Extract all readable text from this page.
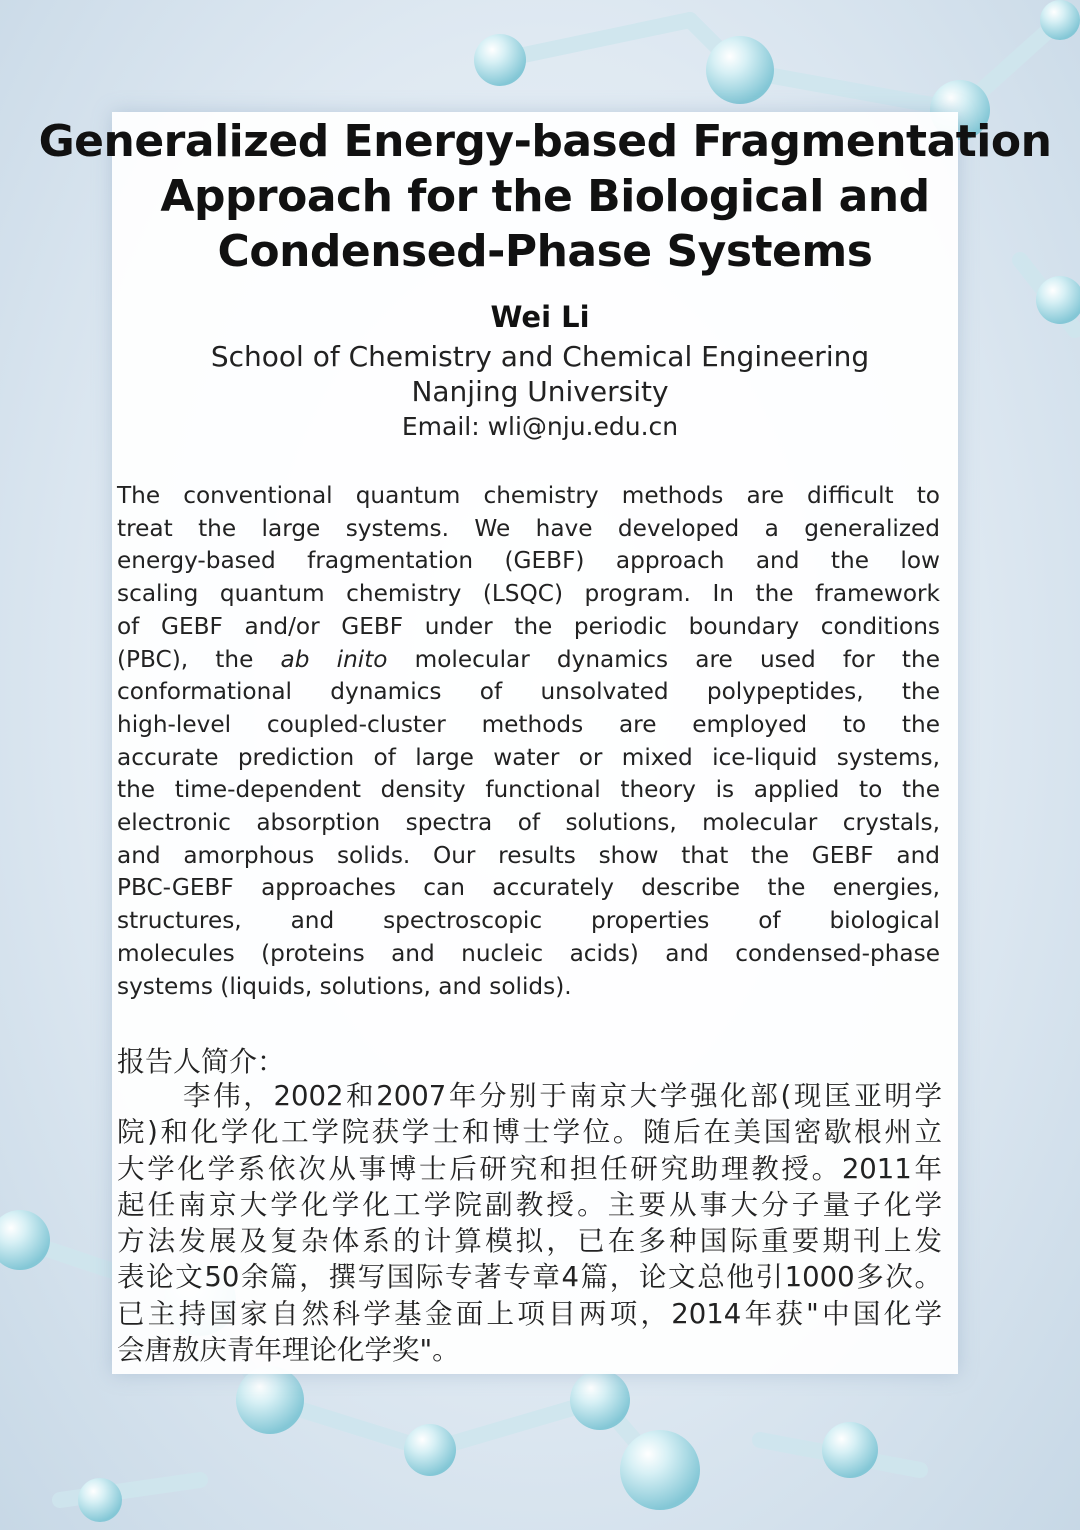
Generalized Energy-based Fragmentation
Approach for the Biological and
Condensed-Phase Systems
Wei Li
School of Chemistry and Chemical Engineering
Nanjing University
Email: wli@nju.edu.cn
The conventional quantum chemistry methods are difficult to
treat the large systems. We have developed a generalized
energy-based fragmentation (GEBF) approach and the low
scaling quantum chemistry (LSQC) program. In the framework
of GEBF and/or GEBF under the periodic boundary conditions
(PBC), the ab inito molecular dynamics are used for the
conformational dynamics of unsolvated polypeptides, the
high-level coupled-cluster methods are employed to the
accurate prediction of large water or mixed ice-liquid systems,
the time-dependent density functional theory is applied to the
electronic absorption spectra of solutions, molecular crystals,
and amorphous solids. Our results show that the GEBF and
PBC-GEBF approaches can accurately describe the energies,
structures, and spectroscopic properties of biological
molecules (proteins and nucleic acids) and condensed-phase
systems (liquids, solutions, and solids).
报告人简介：
李伟，2002和2007年分别于南京大学强化部(现匡亚明学
院)和化学化工学院获学士和博士学位。随后在美国密歇根州立
大学化学系依次从事博士后研究和担任研究助理教授。2011年
起任南京大学化学化工学院副教授。主要从事大分子量子化学
方法发展及复杂体系的计算模拟，已在多种国际重要期刊上发
表论文50余篇，撰写国际专著专章4篇，论文总他引1000多次。
已主持国家自然科学基金面上项目两项，2014年获"中国化学
会唐敖庆青年理论化学奖"。
